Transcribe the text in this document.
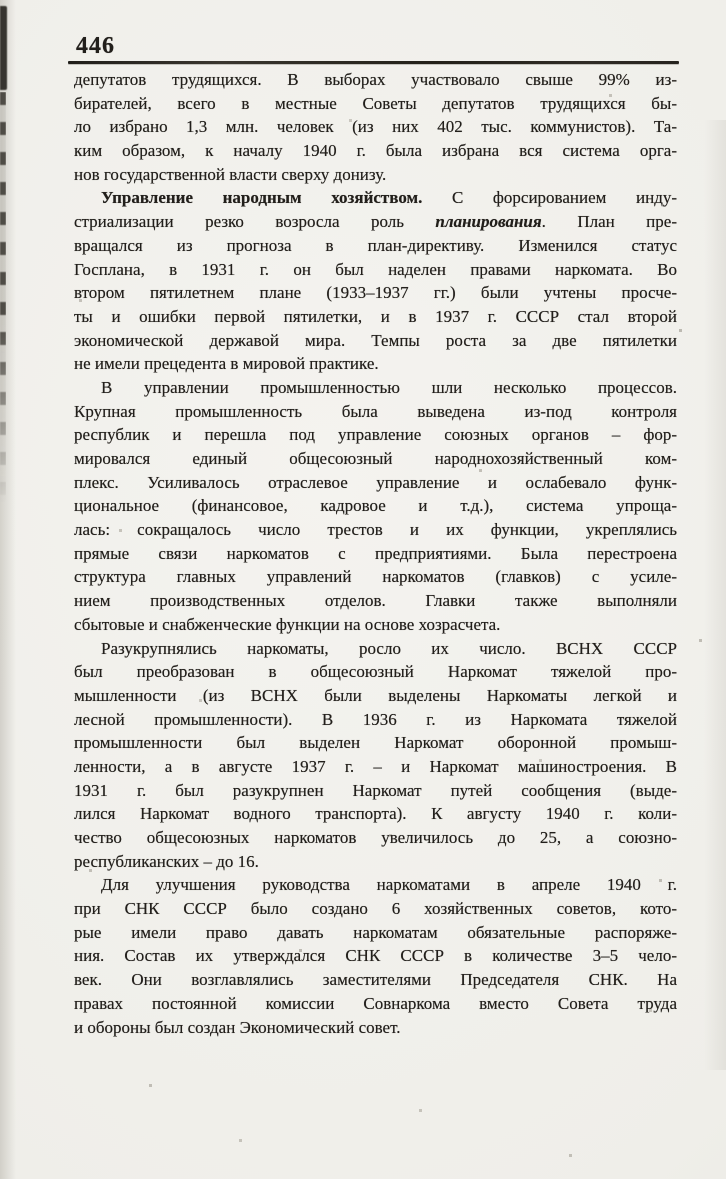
446
депутатов трудящихся. В выборах участвовало свыше 99% из-
бирателей, всего в местные Советы депутатов трудящихся бы-
ло избрано 1,3 млн. человек (из них 402 тыс. коммунистов). Та-
ким образом, к началу 1940 г. была избрана вся система орга-
нов государственной власти сверху донизу.
Управление народным хозяйством. С форсированием инду-
стриализации резко возросла роль планирования. План пре-
вращался из прогноза в план-директиву. Изменился статус
Госплана, в 1931 г. он был наделен правами наркомата. Во
втором пятилетнем плане (1933–1937 гг.) были учтены просче-
ты и ошибки первой пятилетки, и в 1937 г. СССР стал второй
экономической державой мира. Темпы роста за две пятилетки
не имели прецедента в мировой практике.
В управлении промышленностью шли несколько процессов.
Крупная промышленность была выведена из-под контроля
республик и перешла под управление союзных органов – фор-
мировался единый общесоюзный народнохозяйственный ком-
плекс. Усиливалось отраслевое управление и ослабевало функ-
циональное (финансовое, кадровое и т.д.), система упроща-
лась: сокращалось число трестов и их функции, укреплялись
прямые связи наркоматов с предприятиями. Была перестроена
структура главных управлений наркоматов (главков) с усиле-
нием производственных отделов. Главки также выполняли
сбытовые и снабженческие функции на основе хозрасчета.
Разукрупнялись наркоматы, росло их число. ВСНХ СССР
был преобразован в общесоюзный Наркомат тяжелой про-
мышленности (из ВСНХ были выделены Наркоматы легкой и
лесной промышленности). В 1936 г. из Наркомата тяжелой
промышленности был выделен Наркомат оборонной промыш-
ленности, а в августе 1937 г. – и Наркомат машиностроения. В
1931 г. был разукрупнен Наркомат путей сообщения (выде-
лился Наркомат водного транспорта). К августу 1940 г. коли-
чество общесоюзных наркоматов увеличилось до 25, а союзно-
республиканских – до 16.
Для улучшения руководства наркоматами в апреле 1940 г.
при СНК СССР было создано 6 хозяйственных советов, кото-
рые имели право давать наркоматам обязательные распоряже-
ния. Состав их утверждался СНК СССР в количестве 3–5 чело-
век. Они возглавлялись заместителями Председателя СНК. На
правах постоянной комиссии Совнаркома вместо Совета труда
и обороны был создан Экономический совет.
